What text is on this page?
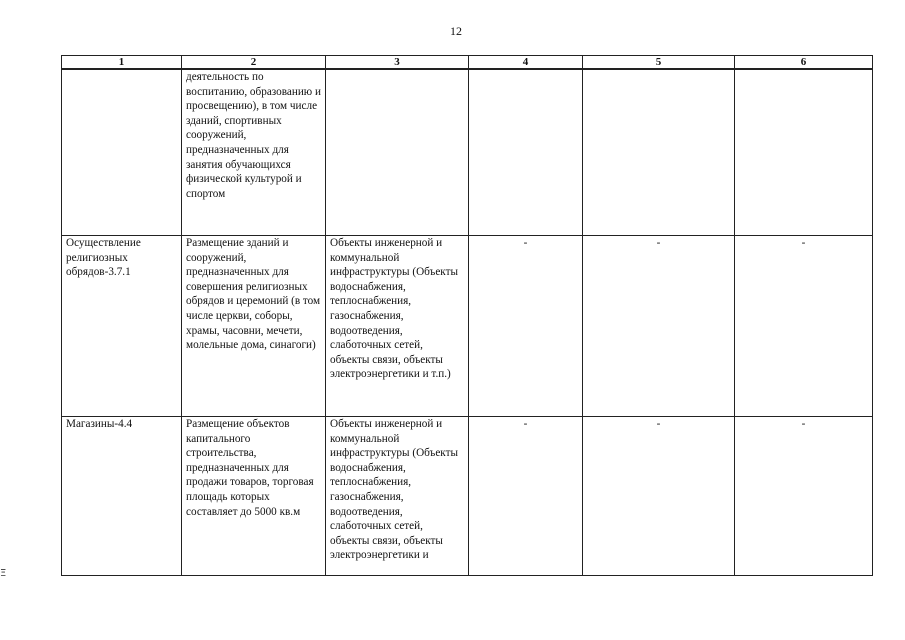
12
1	2	3	4	5	6

	деятельность по воспитанию, образованию и просвещению), в том числе зданий, спортивных сооружений, предназначенных для занятия обучающихся физической культурой и спортом				

Осуществление религиозных обрядов-3.7.1	Размещение зданий и сооружений, предназначенных для совершения религиозных обрядов и церемоний (в том числе церкви, соборы, храмы, часовни, мечети, молельные дома, синагоги)	Объекты инженерной и коммунальной инфраструктуры (Объекты водоснабжения, теплоснабжения, газоснабжения, водоотведения, слаботочных сетей, объекты связи, объекты электроэнергетики и т.п.)	-	-	-

Магазины-4.4	Размещение объектов капитального строительства, предназначенных для продажи товаров, торговая площадь которых составляет до 5000 кв.м	Объекты инженерной и коммунальной инфраструктуры (Объекты водоснабжения, теплоснабжения, газоснабжения, водоотведения, слаботочных сетей, объекты связи, объекты электроэнергетики и	-	-	-
Ξ
